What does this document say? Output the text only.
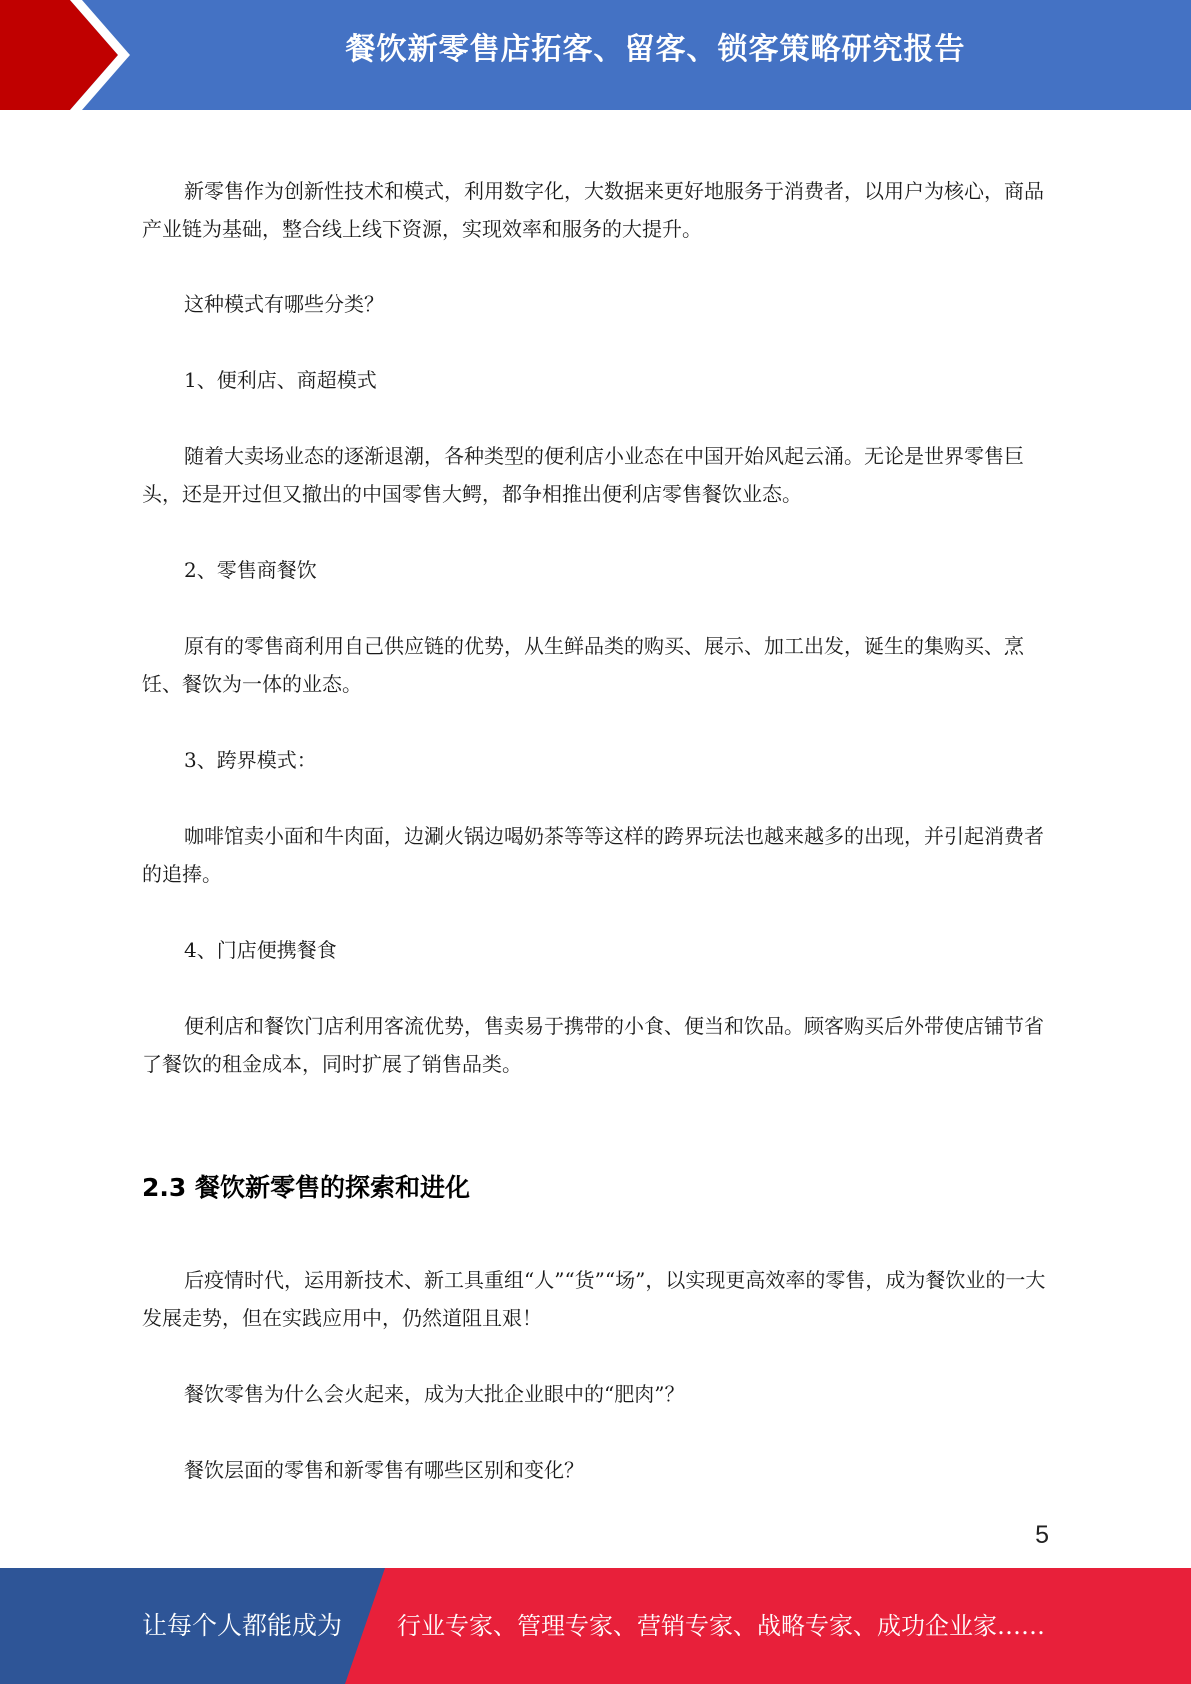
餐饮新零售店拓客、留客、锁客策略研究报告

新零售作为创新性技术和模式，利用数字化，大数据来更好地服务于消费者，以用户为核心，商品产业链为基础，整合线上线下资源，实现效率和服务的大提升。

这种模式有哪些分类？

1、便利店、商超模式

随着大卖场业态的逐渐退潮，各种类型的便利店小业态在中国开始风起云涌。无论是世界零售巨头，还是开过但又撤出的中国零售大鳄，都争相推出便利店零售餐饮业态。

2、零售商餐饮

原有的零售商利用自己供应链的优势，从生鲜品类的购买、展示、加工出发，诞生的集购买、烹饪、餐饮为一体的业态。

3、跨界模式：

咖啡馆卖小面和牛肉面，边涮火锅边喝奶茶等等这样的跨界玩法也越来越多的出现，并引起消费者的追捧。

4、门店便携餐食

便利店和餐饮门店利用客流优势，售卖易于携带的小食、便当和饮品。顾客购买后外带使店铺节省了餐饮的租金成本，同时扩展了销售品类。

2.3 餐饮新零售的探索和进化

后疫情时代，运用新技术、新工具重组“人”“货”“场”，以实现更高效率的零售，成为餐饮业的一大发展走势，但在实践应用中，仍然道阻且艰！

餐饮零售为什么会火起来，成为大批企业眼中的“肥肉”？

餐饮层面的零售和新零售有哪些区别和变化？

5
让每个人都能成为 行业专家、管理专家、营销专家、战略专家、成功企业家……
